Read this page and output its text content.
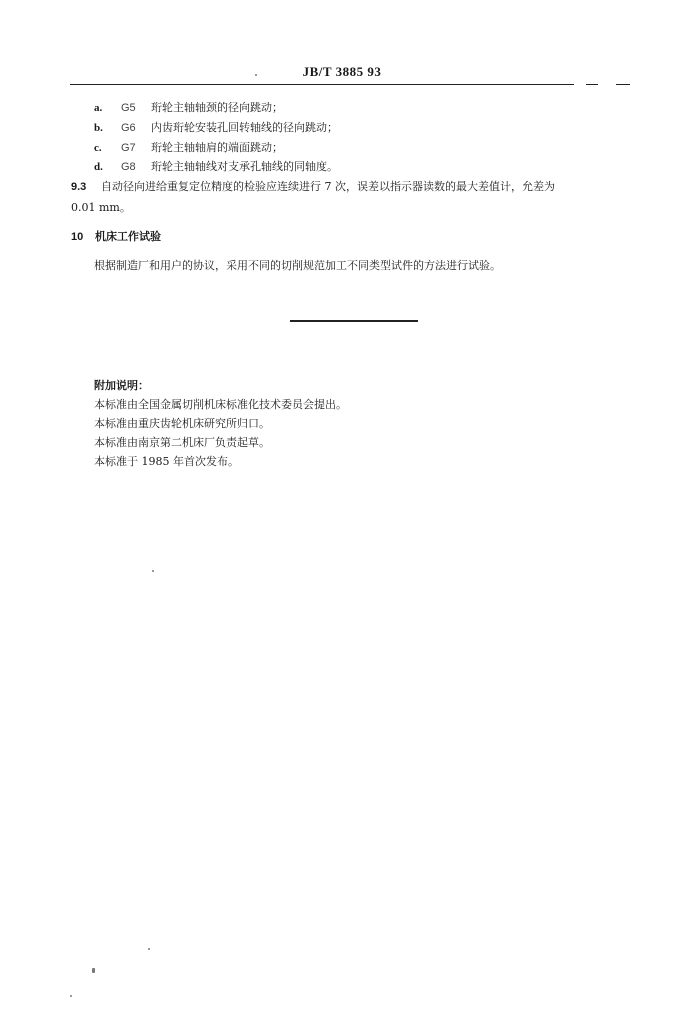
JB/T 3885 93
a. G5 珩轮主轴轴颈的径向跳动；
b. G6 内齿珩轮安装孔回转轴线的径向跳动；
c. G7 珩轮主轴轴肩的端面跳动；
d. G8 珩轮主轴轴线对支承孔轴线的同轴度。
9.3 自动径向进给重复定位精度的检验应连续进行 7 次，误差以指示器读数的最大差值计，允差为
0.01 mm。
10 机床工作试验
根据制造厂和用户的协议，采用不同的切削规范加工不同类型试件的方法进行试验。
附加说明：
本标准由全国金属切削机床标准化技术委员会提出。
本标准由重庆齿轮机床研究所归口。
本标准由南京第二机床厂负责起草。
本标准于 1985 年首次发布。
